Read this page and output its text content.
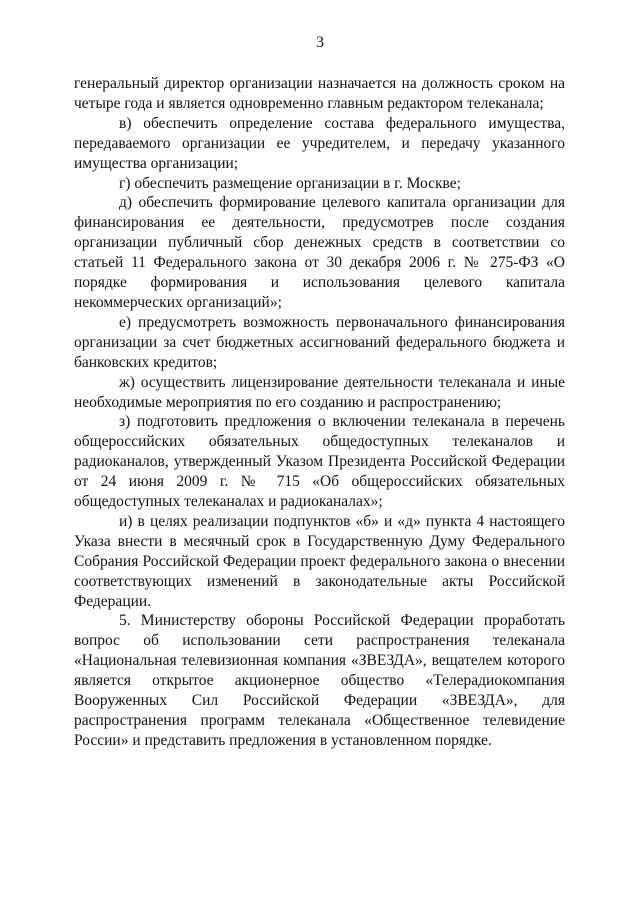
3

генеральный директор организации назначается на должность сроком на четыре года и является одновременно главным редактором телеканала;

в) обеспечить определение состава федерального имущества, передаваемого организации ее учредителем, и передачу указанного имущества организации;

г) обеспечить размещение организации в г. Москве;

д) обеспечить формирование целевого капитала организации для финансирования ее деятельности, предусмотрев после создания организации публичный сбор денежных средств в соответствии со статьей 11 Федерального закона от 30 декабря 2006 г. № 275-ФЗ «О порядке формирования и использования целевого капитала некоммерческих организаций»;

е) предусмотреть возможность первоначального финансирования организации за счет бюджетных ассигнований федерального бюджета и банковских кредитов;

ж) осуществить лицензирование деятельности телеканала и иные необходимые мероприятия по его созданию и распространению;

з) подготовить предложения о включении телеканала в перечень общероссийских обязательных общедоступных телеканалов и радиоканалов, утвержденный Указом Президента Российской Федерации от 24 июня 2009 г. № 715 «Об общероссийских обязательных общедоступных телеканалах и радиоканалах»;

и) в целях реализации подпунктов «б» и «д» пункта 4 настоящего Указа внести в месячный срок в Государственную Думу Федерального Собрания Российской Федерации проект федерального закона о внесении соответствующих изменений в законодательные акты Российской Федерации.

5. Министерству обороны Российской Федерации проработать вопрос об использовании сети распространения телеканала «Национальная телевизионная компания «ЗВЕЗДА», вещателем которого является открытое акционерное общество «Телерадиокомпания Вооруженных Сил Российской Федерации «ЗВЕЗДА», для распространения программ телеканала «Общественное телевидение России» и представить предложения в установленном порядке.
